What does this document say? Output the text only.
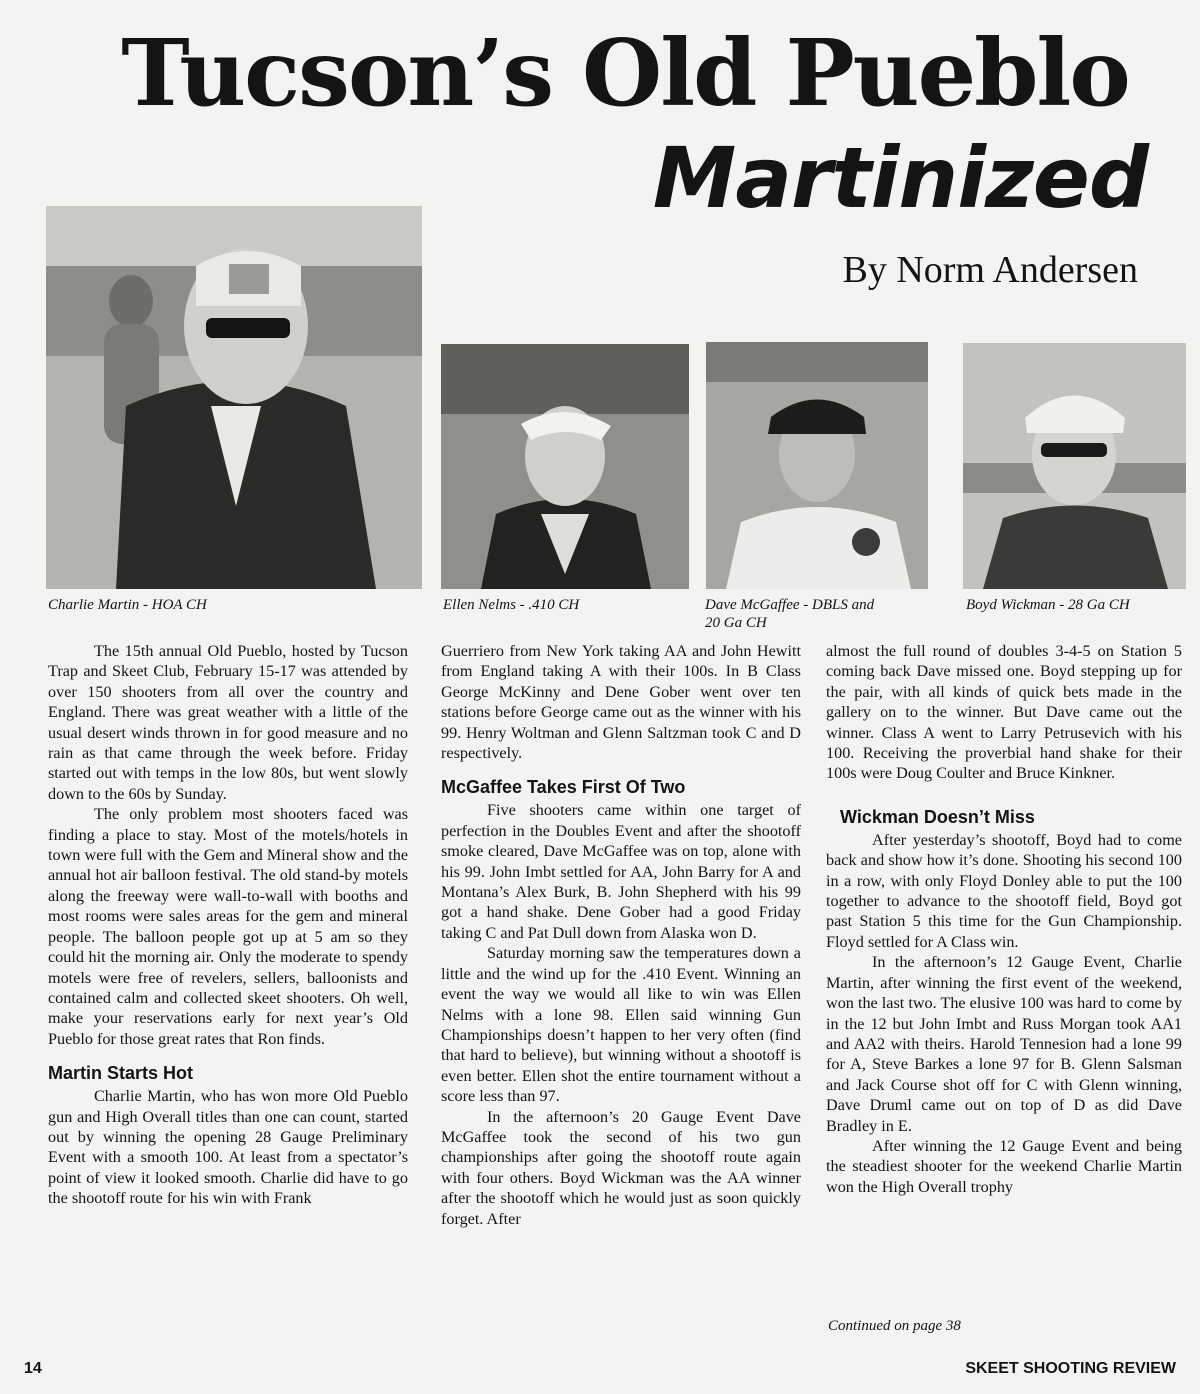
Tucson’s Old Pueblo
Martinized
By Norm Andersen
Charlie Martin - HOA CH	Ellen Nelms - .410 CH	Dave McGaffee - DBLS and
20 Ga CH
Boyd Wickman - 28 Ga CH

The 15th annual Old Pueblo, hosted by Tucson Trap and Skeet Club, February 15-17 was attended by over 150 shooters from all over the country and England. There was great weather with a little of the usual desert winds thrown in for good measure and no rain as that came through the week before. Friday started out with temps in the low 80s, but went slowly down to the 60s by Sunday.

The only problem most shooters faced was finding a place to stay. Most of the motels/hotels in town were full with the Gem and Mineral show and the annual hot air balloon festival. The old stand-by motels along the freeway were wall-to-wall with booths and most rooms were sales areas for the gem and mineral people. The balloon people got up at 5 am so they could hit the morning air. Only the moderate to spendy motels were free of revelers, sellers, balloonists and contained calm and collected skeet shooters. Oh well, make your reservations early for next year’s Old Pueblo for those great rates that Ron finds.

Martin Starts Hot

Charlie Martin, who has won more Old Pueblo gun and High Overall titles than one can count, started out by winning the opening 28 Gauge Preliminary Event with a smooth 100. At least from a spectator’s point of view it looked smooth. Charlie did have to go the shootoff route for his win with Frank

Guerriero from New York taking AA and John Hewitt from England taking A with their 100s. In B Class George McKinny and Dene Gober went over ten stations before George came out as the winner with his 99. Henry Woltman and Glenn Saltzman took C and D respectively.

McGaffee Takes First Of Two

Five shooters came within one target of perfection in the Doubles Event and after the shootoff smoke cleared, Dave McGaffee was on top, alone with his 99. John Imbt settled for AA, John Barry for A and Montana’s Alex Burk, B. John Shepherd with his 99 got a hand shake. Dene Gober had a good Friday taking C and Pat Dull down from Alaska won D.

Saturday morning saw the temperatures down a little and the wind up for the .410 Event. Winning an event the way we would all like to win was Ellen Nelms with a lone 98. Ellen said winning Gun Championships doesn’t happen to her very often (find that hard to believe), but winning without a shootoff is even better. Ellen shot the entire tournament without a score less than 97.

In the afternoon’s 20 Gauge Event Dave McGaffee took the second of his two gun championships after going the shootoff route again with four others. Boyd Wickman was the AA winner after the shootoff which he would just as soon quickly forget. After

almost the full round of doubles 3-4-5 on Station 5 coming back Dave missed one. Boyd stepping up for the pair, with all kinds of quick bets made in the gallery on to the winner. But Dave came out the winner. Class A went to Larry Petrusevich with his 100. Receiving the proverbial hand shake for their 100s were Doug Coulter and Bruce Kinkner.

Wickman Doesn’t Miss

After yesterday’s shootoff, Boyd had to come back and show how it’s done. Shooting his second 100 in a row, with only Floyd Donley able to put the 100 together to advance to the shootoff field, Boyd got past Station 5 this time for the Gun Championship. Floyd settled for A Class win.

In the afternoon’s 12 Gauge Event, Charlie Martin, after winning the first event of the weekend, won the last two. The elusive 100 was hard to come by in the 12 but John Imbt and Russ Morgan took AA1 and AA2 with theirs. Harold Tennesion had a lone 99 for A, Steve Barkes a lone 97 for B. Glenn Salsman and Jack Course shot off for C with Glenn winning, Dave Druml came out on top of D as did Dave Bradley in E.

After winning the 12 Gauge Event and being the steadiest shooter for the weekend Charlie Martin won the High Overall trophy

Continued on page 38
14	SKEET SHOOTING REVIEW
